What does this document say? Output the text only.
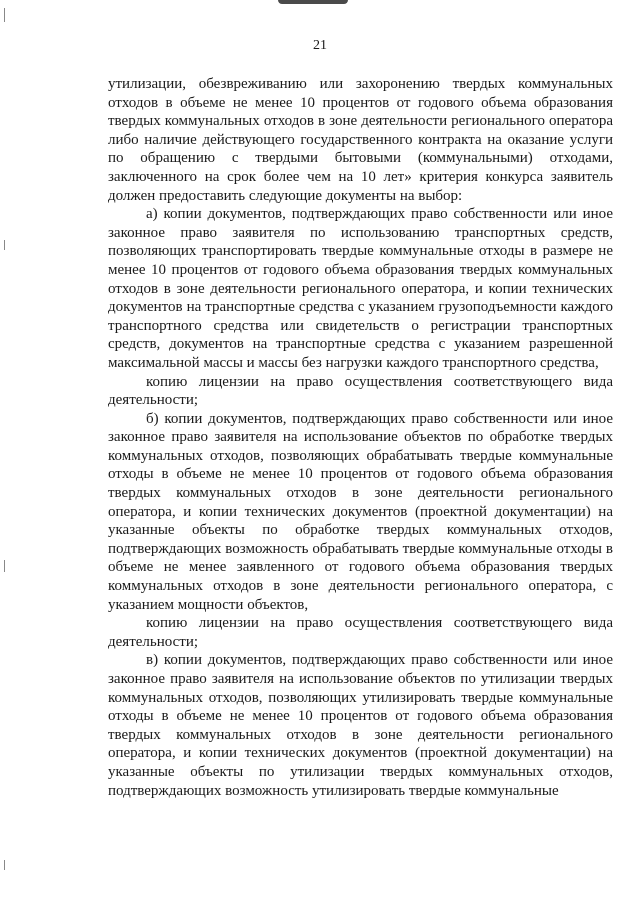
21

утилизации, обезвреживанию или захоронению твердых коммунальных отходов в объеме не менее 10 процентов от годового объема образования твердых коммунальных отходов в зоне деятельности регионального оператора либо наличие действующего государственного контракта на оказание услуги по обращению с твердыми бытовыми (коммунальными) отходами, заключенного на срок более чем на 10 лет» критерия конкурса заявитель должен предоставить следующие документы на выбор:

а) копии документов, подтверждающих право собственности или иное законное право заявителя по использованию транспортных средств, позволяющих транспортировать твердые коммунальные отходы в размере не менее 10 процентов от годового объема образования твердых коммунальных отходов в зоне деятельности регионального оператора, и копии технических документов на транспортные средства с указанием грузоподъемности каждого транспортного средства или свидетельств о регистрации транспортных средств, документов на транспортные средства с указанием разрешенной максимальной массы и массы без нагрузки каждого транспортного средства,

копию лицензии на право осуществления соответствующего вида деятельности;

б) копии документов, подтверждающих право собственности или иное законное право заявителя на использование объектов по обработке твердых коммунальных отходов, позволяющих обрабатывать твердые коммунальные отходы в объеме не менее 10 процентов от годового объема образования твердых коммунальных отходов в зоне деятельности регионального оператора, и копии технических документов (проектной документации) на указанные объекты по обработке твердых коммунальных отходов, подтверждающих возможность обрабатывать твердые коммунальные отходы в объеме не менее заявленного от годового объема образования твердых коммунальных отходов в зоне деятельности регионального оператора, с указанием мощности объектов,

копию лицензии на право осуществления соответствующего вида деятельности;

в) копии документов, подтверждающих право собственности или иное законное право заявителя на использование объектов по утилизации твердых коммунальных отходов, позволяющих утилизировать твердые коммунальные отходы в объеме не менее 10 процентов от годового объема образования твердых коммунальных отходов в зоне деятельности регионального оператора, и копии технических документов (проектной документации) на указанные объекты по утилизации твердых коммунальных отходов, подтверждающих возможность утилизировать твердые коммунальные
